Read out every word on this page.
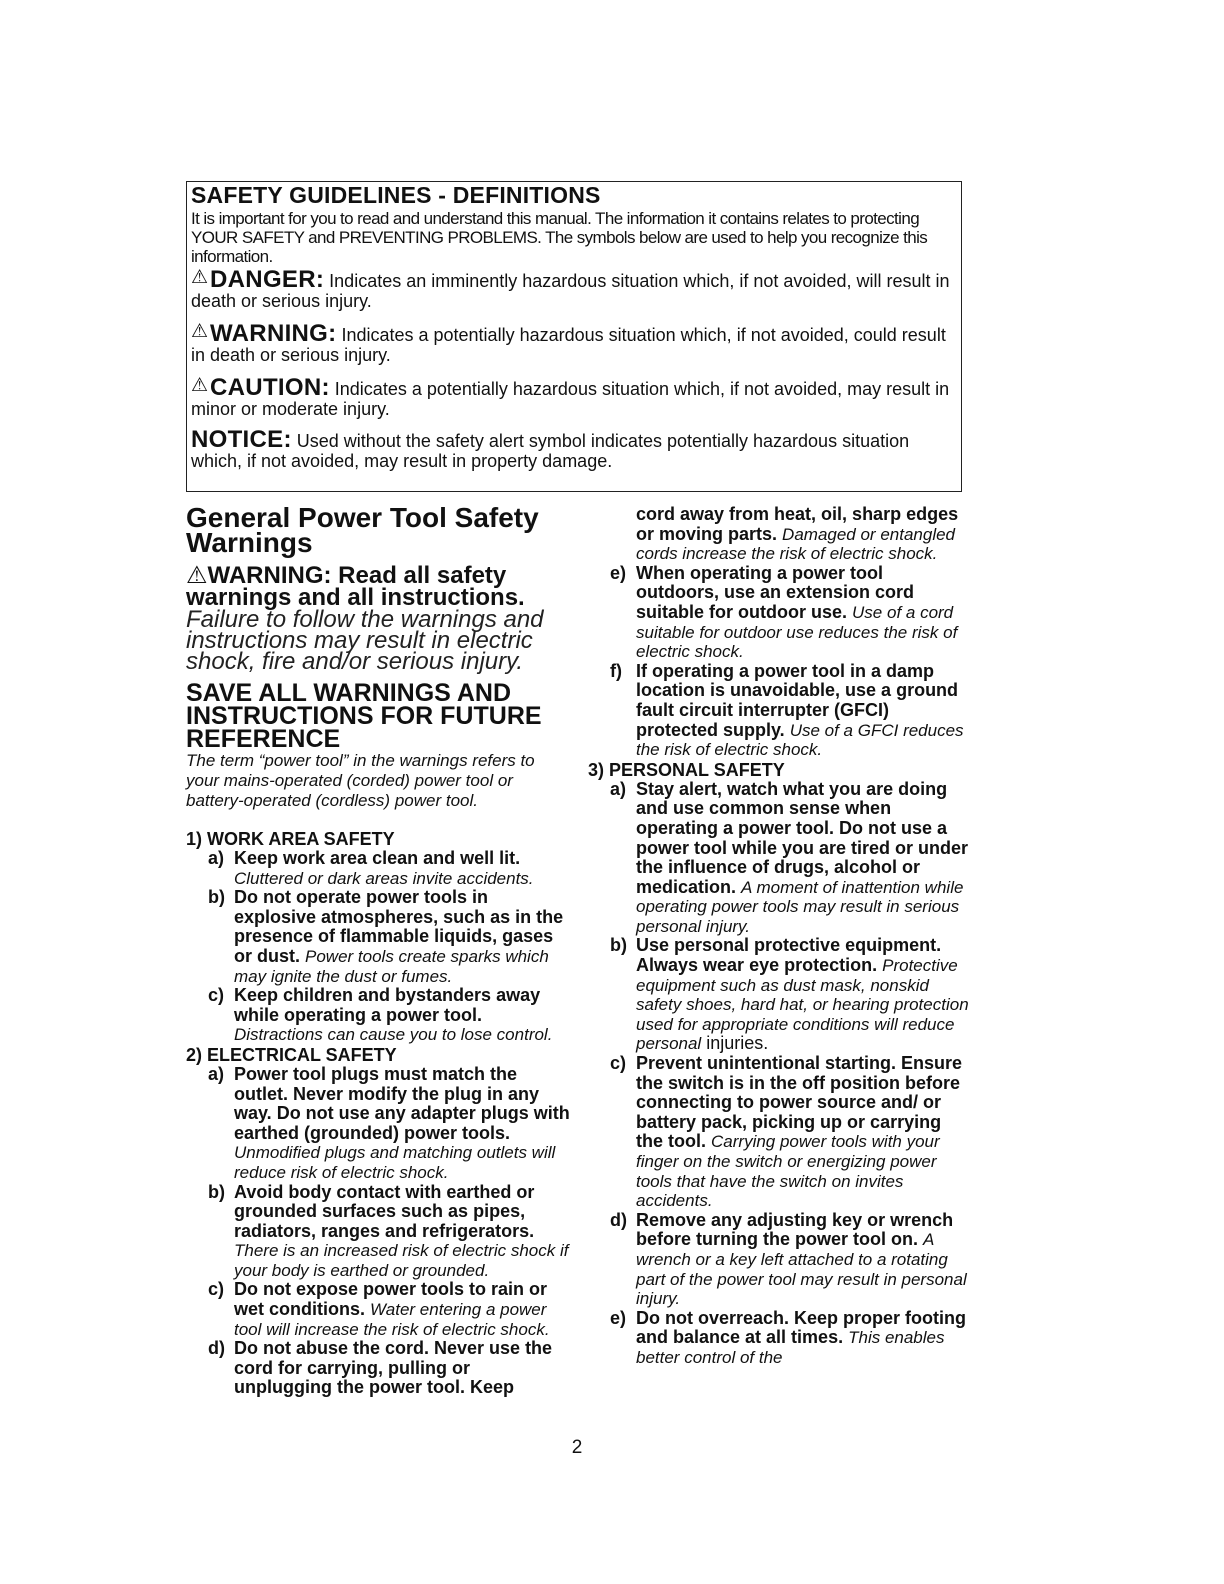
SAFETY GUIDELINES - DEFINITIONS
It is important for you to read and understand this manual. The information it contains relates to protecting YOUR SAFETY and PREVENTING PROBLEMS. The symbols below are used to help you recognize this information.
⚠DANGER: Indicates an imminently hazardous situation which, if not avoided, will result in death or serious injury.
⚠WARNING: Indicates a potentially hazardous situation which, if not avoided, could result in death or serious injury.
⚠CAUTION: Indicates a potentially hazardous situation which, if not avoided, may result in minor or moderate injury.
NOTICE: Used without the safety alert symbol indicates potentially hazardous situation which, if not avoided, may result in property damage.
General Power Tool Safety Warnings
⚠WARNING: Read all safety warnings and all instructions.
Failure to follow the warnings and instructions may result in electric shock, fire and/or serious injury.
SAVE ALL WARNINGS AND INSTRUCTIONS FOR FUTURE REFERENCE
The term “power tool” in the warnings refers to your mains-operated (corded) power tool or battery-operated (cordless) power tool.
1) WORK AREA SAFETY
a) Keep work area clean and well lit. Cluttered or dark areas invite accidents.
b) Do not operate power tools in explosive atmospheres, such as in the presence of flammable liquids, gases or dust. Power tools create sparks which may ignite the dust or fumes.
c) Keep children and bystanders away while operating a power tool. Distractions can cause you to lose control.
2) ELECTRICAL SAFETY
a) Power tool plugs must match the outlet. Never modify the plug in any way. Do not use any adapter plugs with earthed (grounded) power tools. Unmodified plugs and matching outlets will reduce risk of electric shock.
b) Avoid body contact with earthed or grounded surfaces such as pipes, radiators, ranges and refrigerators. There is an increased risk of electric shock if your body is earthed or grounded.
c) Do not expose power tools to rain or wet conditions. Water entering a power tool will increase the risk of electric shock.
d) Do not abuse the cord. Never use the cord for carrying, pulling or unplugging the power tool. Keep
cord away from heat, oil, sharp edges or moving parts. Damaged or entangled cords increase the risk of electric shock.
e) When operating a power tool outdoors, use an extension cord suitable for outdoor use. Use of a cord suitable for outdoor use reduces the risk of electric shock.
f) If operating a power tool in a damp location is unavoidable, use a ground fault circuit interrupter (GFCI) protected supply. Use of a GFCI reduces the risk of electric shock.
3) PERSONAL SAFETY
a) Stay alert, watch what you are doing and use common sense when operating a power tool. Do not use a power tool while you are tired or under the influence of drugs, alcohol or medication. A moment of inattention while operating power tools may result in serious personal injury.
b) Use personal protective equipment. Always wear eye protection. Protective equipment such as dust mask, nonskid safety shoes, hard hat, or hearing protection used for appropriate conditions will reduce personal injuries.
c) Prevent unintentional starting. Ensure the switch is in the off position before connecting to power source and/ or battery pack, picking up or carrying the tool. Carrying power tools with your finger on the switch or energizing power tools that have the switch on invites accidents.
d) Remove any adjusting key or wrench before turning the power tool on. A wrench or a key left attached to a rotating part of the power tool may result in personal injury.
e) Do not overreach. Keep proper footing and balance at all times. This enables better control of the
2
